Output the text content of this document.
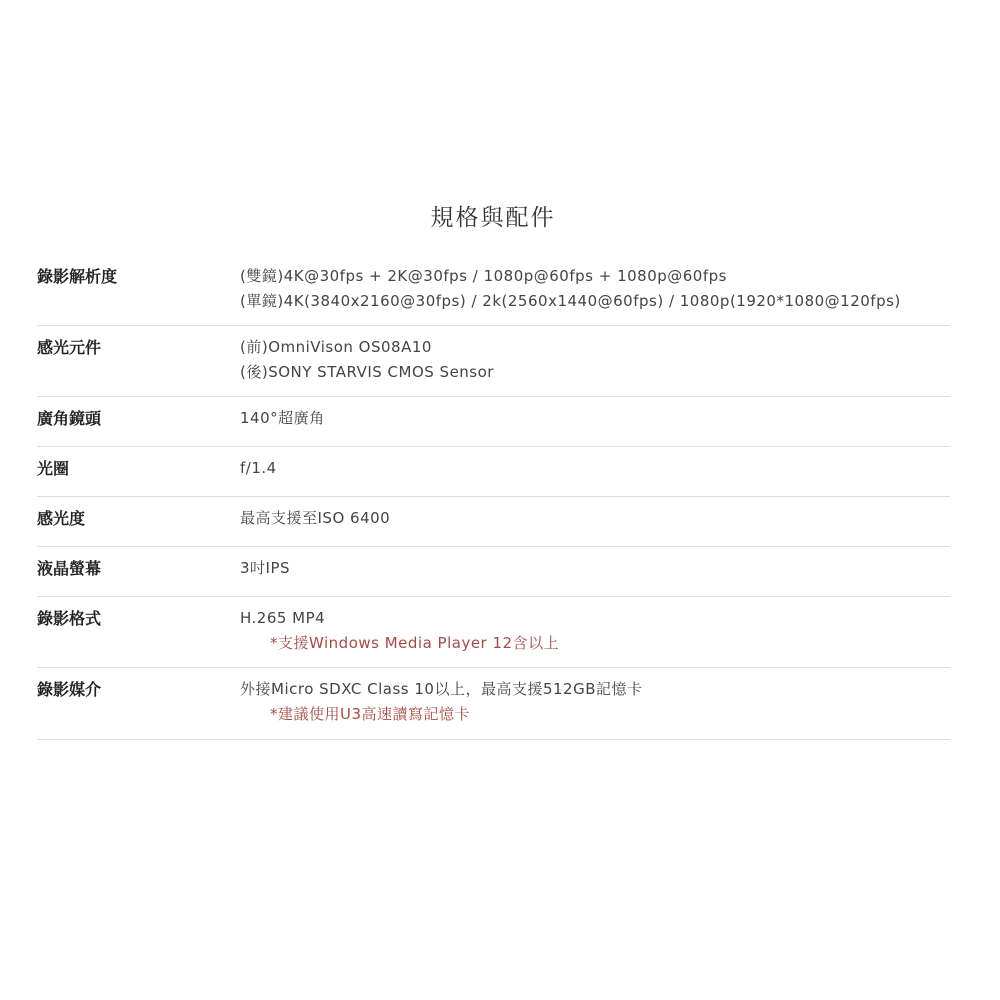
規格與配件
錄影解析度	(雙鏡)4K@30fps + 2K@30fps / 1080p@60fps + 1080p@60fps
(單鏡)4K(3840x2160@30fps) / 2k(2560x1440@60fps) / 1080p(1920*1080@120fps)
感光元件	(前)OmniVison OS08A10
(後)SONY STARVIS CMOS Sensor
廣角鏡頭	140°超廣角
光圈	f/1.4
感光度	最高支援至ISO 6400
液晶螢幕	3吋IPS
錄影格式	H.265 MP4
*支援Windows Media Player 12含以上
錄影媒介	外接Micro SDXC Class 10以上，最高支援512GB記憶卡
*建議使用U3高速讀寫記憶卡
